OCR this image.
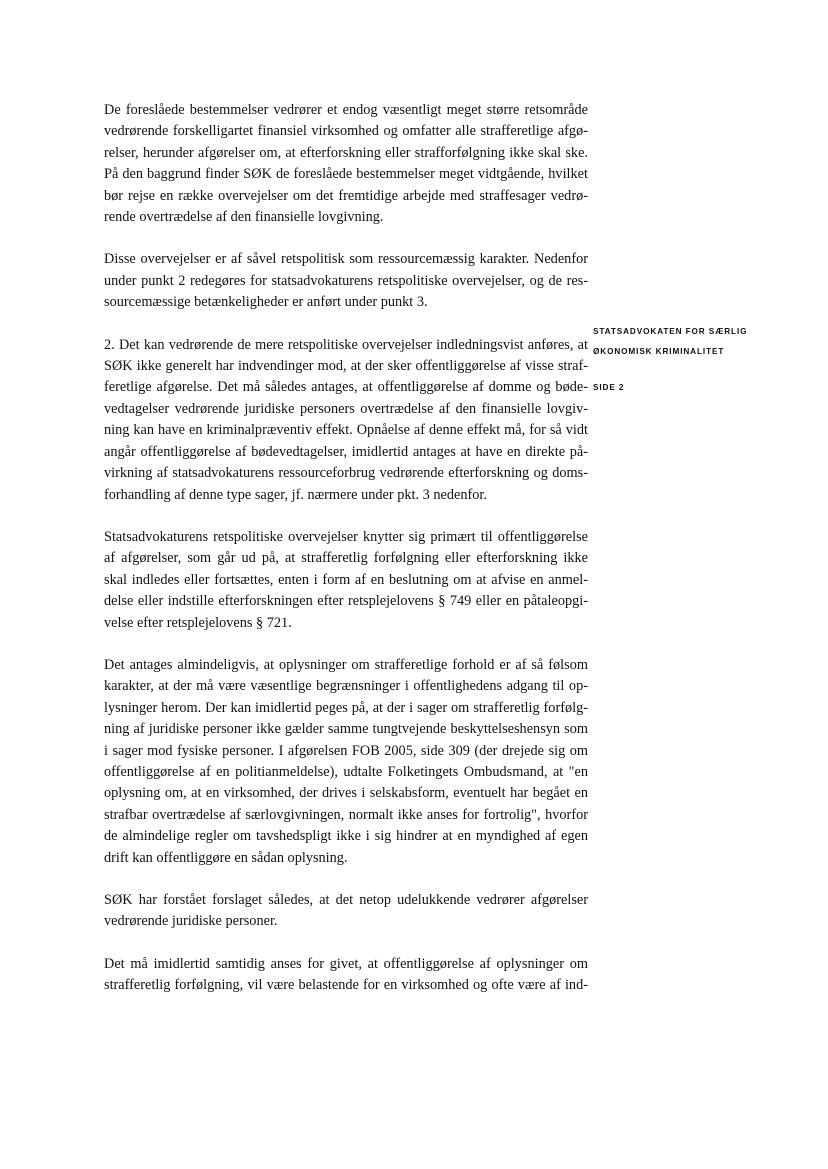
De foreslåede bestemmelser vedrører et endog væsentligt meget større retsområde
vedrørende forskelligartet finansiel virksomhed og omfatter alle strafferetlige afgø-
relser, herunder afgørelser om, at efterforskning eller strafforfølgning ikke skal ske.
På den baggrund finder SØK de foreslåede bestemmelser meget vidtgående, hvilket
bør rejse en række overvejelser om det fremtidige arbejde med straffesager vedrø-
rende overtrædelse af den finansielle lovgivning.

Disse overvejelser er af såvel retspolitisk som ressourcemæssig karakter. Nedenfor
under punkt 2 redegøres for statsadvokaturens retspolitiske overvejelser, og de res-
sourcemæssige betænkeligheder er anført under punkt 3.

2. Det kan vedrørende de mere retspolitiske overvejelser indledningsvist anføres, at
SØK ikke generelt har indvendinger mod, at der sker offentliggørelse af visse straf-
feretlige afgørelse. Det må således antages, at offentliggørelse af domme og bøde-
vedtagelser vedrørende juridiske personers overtrædelse af den finansielle lovgiv-
ning kan have en kriminalpræventiv effekt. Opnåelse af denne effekt må, for så vidt
angår offentliggørelse af bødevedtagelser, imidlertid antages at have en direkte på-
virkning af statsadvokaturens ressourceforbrug vedrørende efterforskning og doms-
forhandling af denne type sager, jf. nærmere under pkt. 3 nedenfor.

Statsadvokaturens retspolitiske overvejelser knytter sig primært til offentliggørelse
af afgørelser, som går ud på, at strafferetlig forfølgning eller efterforskning ikke
skal indledes eller fortsættes, enten i form af en beslutning om at afvise en anmel-
delse eller indstille efterforskningen efter retsplejelovens § 749 eller en påtaleopgi-
velse efter retsplejelovens § 721.

Det antages almindeligvis, at oplysninger om strafferetlige forhold er af så følsom
karakter, at der må være væsentlige begrænsninger i offentlighedens adgang til op-
lysninger herom. Der kan imidlertid peges på, at der i sager om strafferetlig forfølg-
ning af juridiske personer ikke gælder samme tungtvejende beskyttelseshensyn som
i sager mod fysiske personer. I afgørelsen FOB 2005, side 309 (der drejede sig om
offentliggørelse af en politianmeldelse), udtalte Folketingets Ombudsmand, at "en
oplysning om, at en virksomhed, der drives i selskabsform, eventuelt har begået en
strafbar overtrædelse af særlovgivningen, normalt ikke anses for fortrolig", hvorfor
de almindelige regler om tavshedspligt ikke i sig hindrer at en myndighed af egen
drift kan offentliggøre en sådan oplysning.

SØK har forstået forslaget således, at det netop udelukkende vedrører afgørelser
vedrørende juridiske personer.

Det må imidlertid samtidig anses for givet, at offentliggørelse af oplysninger om
strafferetlig forfølgning, vil være belastende for en virksomhed og ofte være af ind-

STATSADVOKATEN FOR SÆRLIG
ØKONOMISK KRIMINALITET
SIDE 2
